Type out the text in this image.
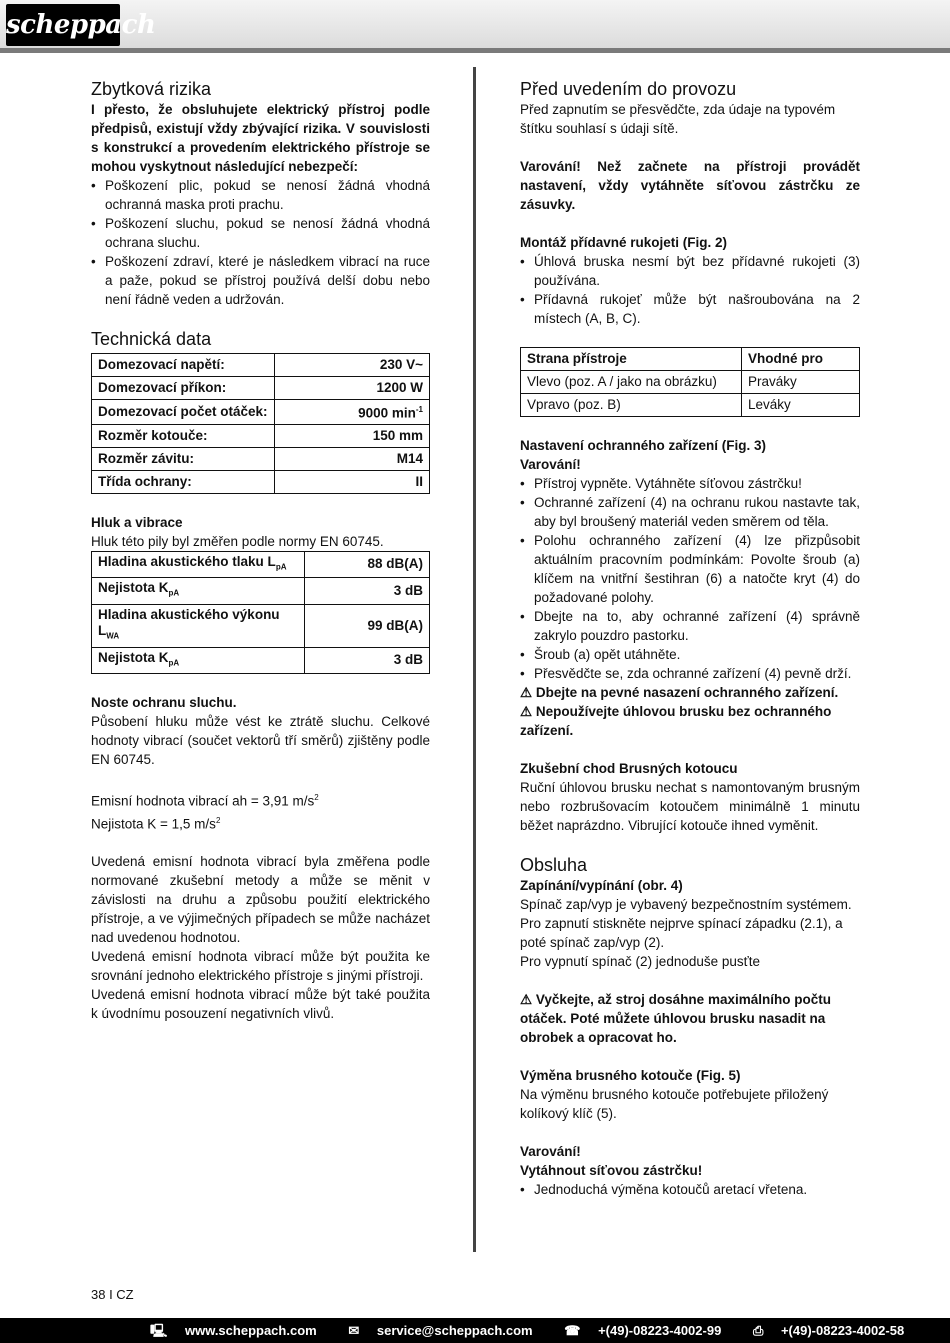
scheppach
Zbytková rizika

I přesto, že obsluhujete elektrický přístroj podle předpisů, existují vždy zbývající rizika. V souvislosti s konstrukcí a provedením elektrického přístroje se mohou vyskytnout následující nebezpečí:

• Poškození plic, pokud se nenosí žádná vhodná ochranná maska proti prachu.
• Poškození sluchu, pokud se nenosí žádná vhodná ochrana sluchu.
• Poškození zdraví, které je následkem vibrací na ruce a paže, pokud se přístroj používá delší dobu nebo není řádně veden a udržován.
Technická data
Domezovací napětí:	230 V~
Domezovací příkon:	1200 W
Domezovací počet otáček:	9000 $\min^{-1}$
Rozměr kotouče:	150 mm
Rozměr závitu:	M14
Třída ochrany:	II

Hluk a vibrace

Hluk této pily byl změřen podle normy EN 60745.

Hladina akustického tlaku $L_{pA}$	88 dB(A)
Nejistota $K_{pA}$	3 dB
Hladina akustického výkonu $L_{WA}$	99 dB(A)
Nejistota $K_{pA}$	3 dB

Noste ochranu sluchu.

Působení hluku může vést ke ztrátě sluchu. Celkové hodnoty vibrací (součet vektorů tří směrů) zjištěny podle EN 60745.

Emisní hodnota vibrací ah = 3,91 $m/s^2$

Nejistota K = 1,5 $m/s^2$

Uvedená emisní hodnota vibrací byla změřena podle normované zkušební metody a může se měnit v závislosti na druhu a způsobu použití elektrického přístroje, a ve výjimečných případech se může nacházet nad uvedenou hodnotou.

Uvedená emisní hodnota vibrací může být použita ke srovnání jednoho elektrického přístroje s jinými přístroji.

Uvedená emisní hodnota vibrací může být také použita k úvodnímu posouzení negativních vlivů.

Před uvedením do provozu

Před zapnutím se přesvědčte, zda údaje na typovém štítku souhlasí s údaji sítě.

Varování! Než začnete na přístroji provádět nastavení, vždy vytáhněte síťovou zástrčku ze zásuvky.

Montáž přídavné rukojeti (Fig. 2)

• Úhlová bruska nesmí být bez přídavné rukojeti (3) používána.
• Přídavná rukojeť může být našroubována na 2 místech (A, B, C).
Strana přístroje	Vhodné pro
Vlevo (poz. A / jako na obrázku)	Praváky
Vpravo (poz. B)	Leváky

Nastavení ochranného zařízení (Fig. 3)

Varování!

• Přístroj vypněte. Vytáhněte síťovou zástrčku!
• Ochranné zařízení (4) na ochranu rukou nastavte tak, aby byl broušený materiál veden směrem od těla.
• Polohu ochranného zařízení (4) lze přizpůsobit aktuálním pracovním podmínkám: Povolte šroub (a) klíčem na vnitřní šestihran (6) a natočte kryt (4) do požadované polohy.
• Dbejte na to, aby ochranné zařízení (4) správně zakrylo pouzdro pastorku.
• Šroub (a) opět utáhněte.
• Přesvědčte se, zda ochranné zařízení (4) pevně drží.

⚠ Dbejte na pevné nasazení ochranného zařízení.

⚠ Nepoužívejte úhlovou brusku bez ochranného zařízení.

Zkušební chod Brusných kotoucu

Ruční úhlovou brusku nechat s namontovaným brusným nebo rozbrušovacím kotoučem minimálně 1 minutu běžet naprázdno. Vibrující kotouče ihned vyměnit.

Obsluha

Zapínání/vypínání (obr. 4)

Spínač zap/vyp je vybavený bezpečnostním systémem.

Pro zapnutí stiskněte nejprve spínací západku (2.1), a poté spínač zap/vyp (2).

Pro vypnutí spínač (2) jednoduše pusťte

⚠ Vyčkejte, až stroj dosáhne maximálního počtu otáček. Poté můžete úhlovou brusku nasadit na obrobek a opracovat ho.

Výměna brusného kotouče (Fig. 5)

Na výměnu brusného kotouče potřebujete přiložený kolíkový klíč (5).

Varování!

Vytáhnout síťovou zástrčku!

• Jednoduchá výměna kotoučů aretací vřetena.
38 I CZ
🖳 www.scheppach.com ✉ service@scheppach.com ☎ +(49)-08223-4002-99 ⎙ +(49)-08223-4002-58
